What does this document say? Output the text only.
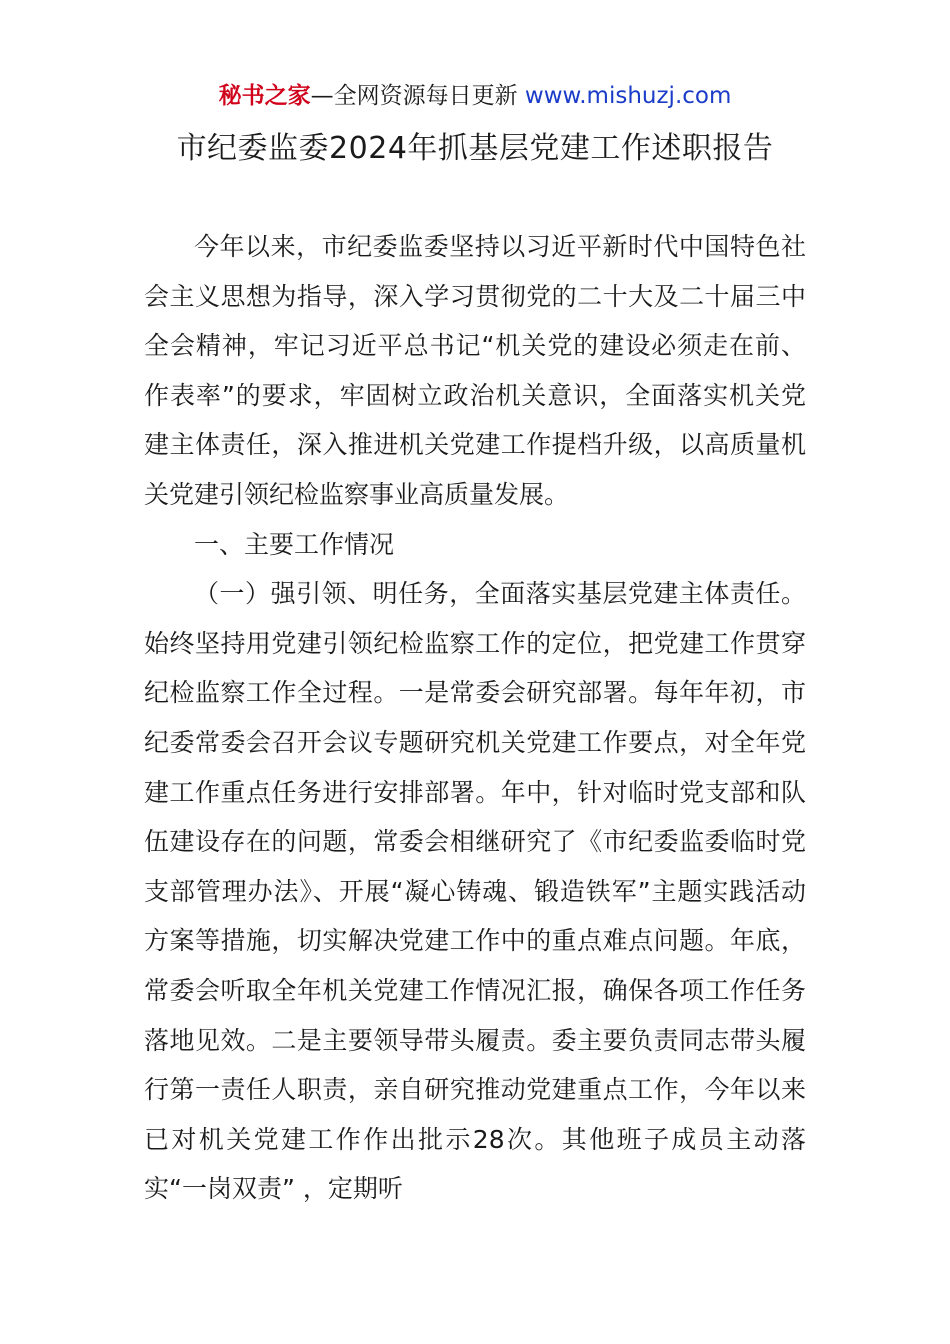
秘书之家—全网资源每日更新 www.mishuzj.com
市纪委监委2024年抓基层党建工作述职报告

今年以来，市纪委监委坚持以习近平新时代中国特色社会主义思想为指导，深入学习贯彻党的二十大及二十届三中全会精神，牢记习近平总书记“机关党的建设必须走在前、作表率”的要求，牢固树立政治机关意识，全面落实机关党建主体责任，深入推进机关党建工作提档升级，以高质量机关党建引领纪检监察事业高质量发展。

一、主要工作情况

（一）强引领、明任务，全面落实基层党建主体责任。始终坚持用党建引领纪检监察工作的定位，把党建工作贯穿纪检监察工作全过程。一是常委会研究部署。每年年初，市纪委常委会召开会议专题研究机关党建工作要点，对全年党建工作重点任务进行安排部署。年中，针对临时党支部和队伍建设存在的问题，常委会相继研究了《市纪委监委临时党支部管理办法》、开展“凝心铸魂、锻造铁军”主题实践活动方案等措施，切实解决党建工作中的重点难点问题。年底，常委会听取全年机关党建工作情况汇报，确保各项工作任务落地见效。二是主要领导带头履责。委主要负责同志带头履行第一责任人职责，亲自研究推动党建重点工作，今年以来已对机关党建工作作出批示28次。其他班子成员主动落实“一岗双责” ，定期听
